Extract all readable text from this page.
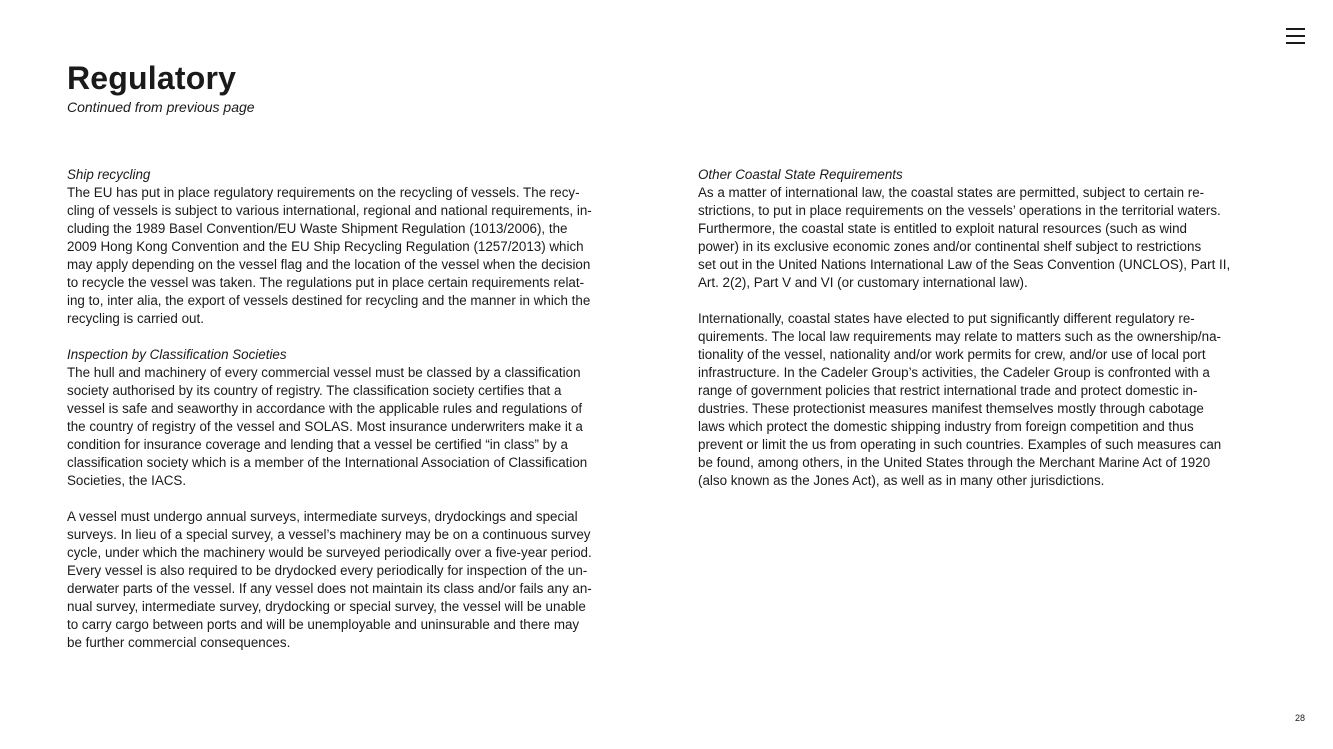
Regulatory
Continued from previous page
Ship recycling

The EU has put in place regulatory requirements on the recycling of vessels. The recy-
cling of vessels is subject to various international, regional and national requirements, in-
cluding the 1989 Basel Convention/EU Waste Shipment Regulation (1013/2006), the
2009 Hong Kong Convention and the EU Ship Recycling Regulation (1257/2013) which
may apply depending on the vessel flag and the location of the vessel when the decision
to recycle the vessel was taken. The regulations put in place certain requirements relat-
ing to, inter alia, the export of vessels destined for recycling and the manner in which the
recycling is carried out.

Inspection by Classification Societies

The hull and machinery of every commercial vessel must be classed by a classification
society authorised by its country of registry. The classification society certifies that a
vessel is safe and seaworthy in accordance with the applicable rules and regulations of
the country of registry of the vessel and SOLAS. Most insurance underwriters make it a
condition for insurance coverage and lending that a vessel be certified “in class” by a
classification society which is a member of the International Association of Classification
Societies, the IACS.

A vessel must undergo annual surveys, intermediate surveys, drydockings and special
surveys. In lieu of a special survey, a vessel’s machinery may be on a continuous survey
cycle, under which the machinery would be surveyed periodically over a five-year period.
Every vessel is also required to be drydocked every periodically for inspection of the un-
derwater parts of the vessel. If any vessel does not maintain its class and/or fails any an-
nual survey, intermediate survey, drydocking or special survey, the vessel will be unable
to carry cargo between ports and will be unemployable and uninsurable and there may
be further commercial consequences.

Other Coastal State Requirements

As a matter of international law, the coastal states are permitted, subject to certain re-
strictions, to put in place requirements on the vessels’ operations in the territorial waters.
Furthermore, the coastal state is entitled to exploit natural resources (such as wind
power) in its exclusive economic zones and/or continental shelf subject to restrictions
set out in the United Nations International Law of the Seas Convention (UNCLOS), Part II,
Art. 2(2), Part V and VI (or customary international law).

Internationally, coastal states have elected to put significantly different regulatory re-
quirements. The local law requirements may relate to matters such as the ownership/na-
tionality of the vessel, nationality and/or work permits for crew, and/or use of local port
infrastructure. In the Cadeler Group’s activities, the Cadeler Group is confronted with a
range of government policies that restrict international trade and protect domestic in-
dustries. These protectionist measures manifest themselves mostly through cabotage
laws which protect the domestic shipping industry from foreign competition and thus
prevent or limit the us from operating in such countries. Examples of such measures can
be found, among others, in the United States through the Merchant Marine Act of 1920
(also known as the Jones Act), as well as in many other jurisdictions.

28
